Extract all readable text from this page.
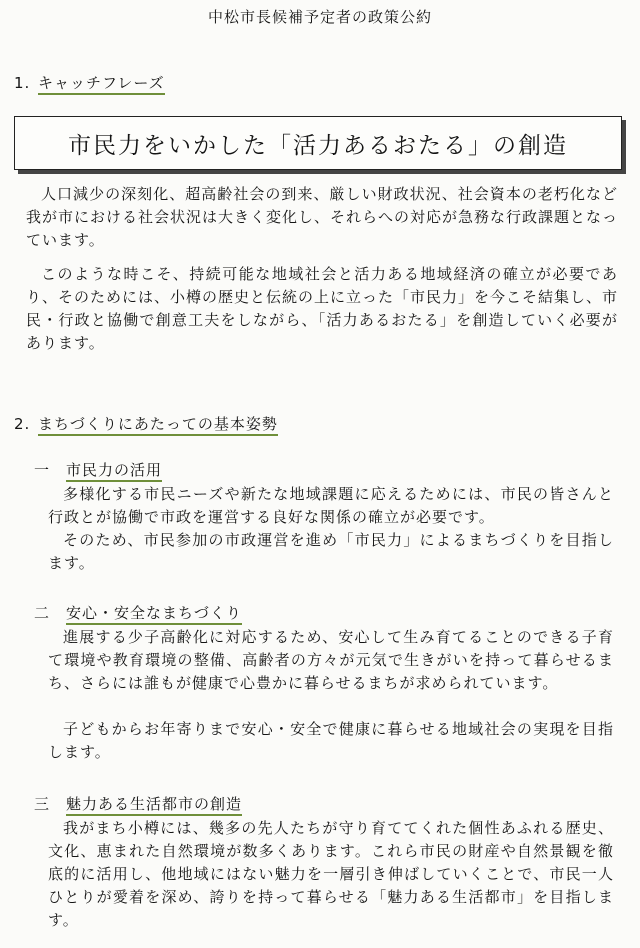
中松市長候補予定者の政策公約
1. キャッチフレーズ
市民力をいかした「活力あるおたる」の創造

人口減少の深刻化、超高齢社会の到来、厳しい財政状況、社会資本の老朽化など我が市における社会状況は大きく変化し、それらへの対応が急務な行政課題となっています。

このような時こそ、持続可能な地域社会と活力ある地域経済の確立が必要であり、そのためには、小樽の歴史と伝統の上に立った「市民力」を今こそ結集し、市民・行政と協働で創意工夫をしながら、「活力あるおたる」を創造していく必要があります。

2. まちづくりにあたっての基本姿勢
一 市民力の活用

多様化する市民ニーズや新たな地域課題に応えるためには、市民の皆さんと行政とが協働で市政を運営する良好な関係の確立が必要です。

そのため、市民参加の市政運営を進め「市民力」によるまちづくりを目指します。

二 安心・安全なまちづくり

進展する少子高齢化に対応するため、安心して生み育てることのできる子育て環境や教育環境の整備、高齢者の方々が元気で生きがいを持って暮らせるまち、さらには誰もが健康で心豊かに暮らせるまちが求められています。

子どもからお年寄りまで安心・安全で健康に暮らせる地域社会の実現を目指します。

三 魅力ある生活都市の創造

我がまち小樽には、幾多の先人たちが守り育ててくれた個性あふれる歴史、文化、恵まれた自然環境が数多くあります。これら市民の財産や自然景観を徹底的に活用し、他地域にはない魅力を一層引き伸ばしていくことで、市民一人ひとりが愛着を深め、誇りを持って暮らせる「魅力ある生活都市」を目指します。
